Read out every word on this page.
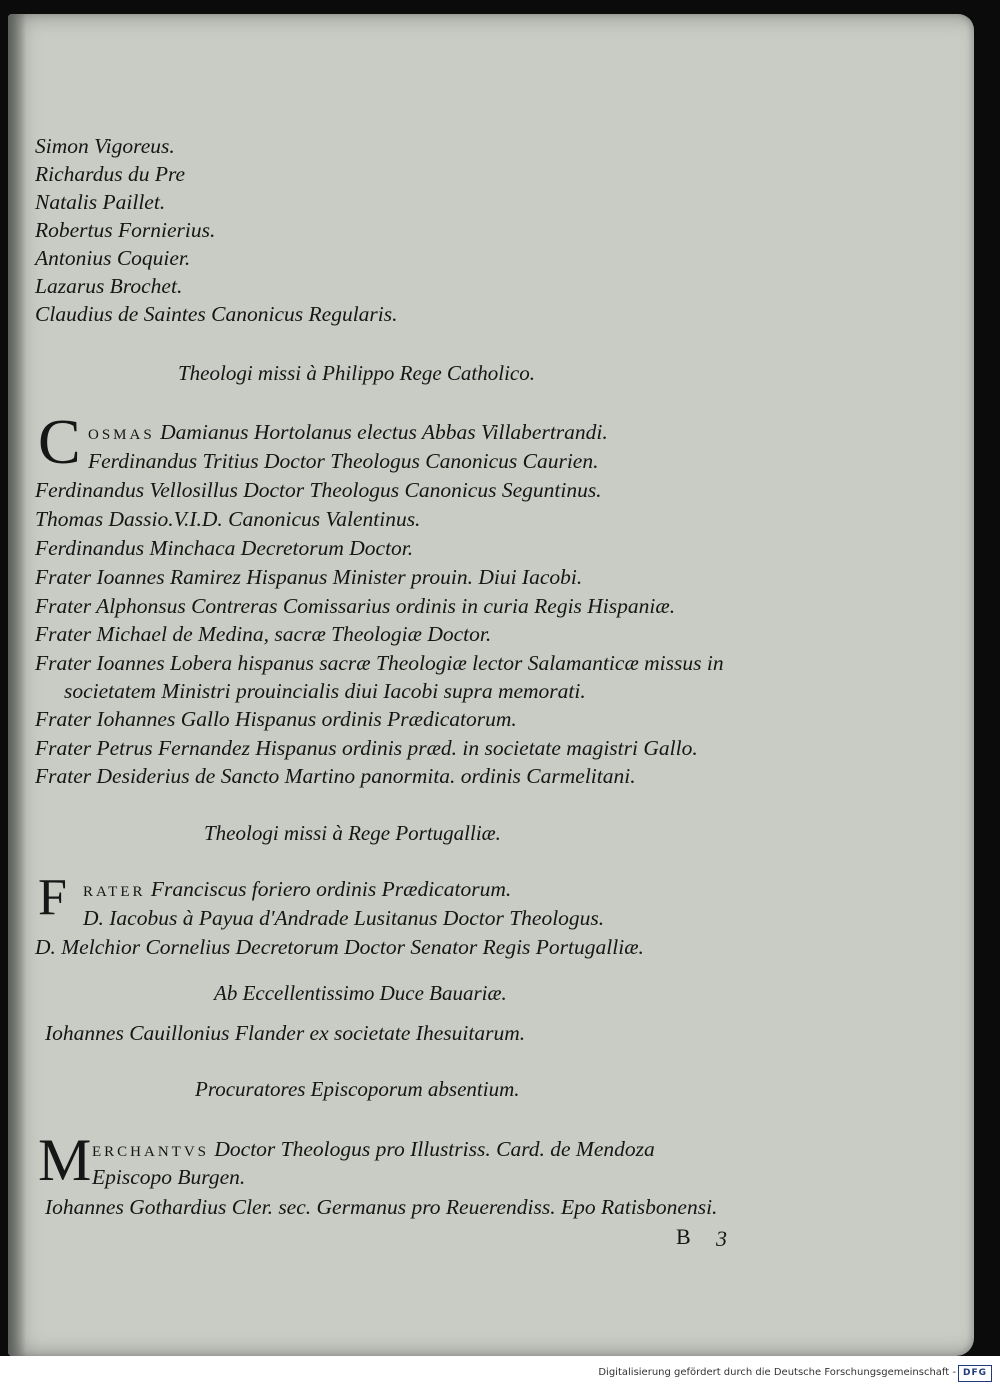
Simon Vigoreus.
Richardus du Pre
Natalis Paillet.
Robertus Fornierius.
Antonius Coquier.
Lazarus Brochet.
Claudius de Saintes Canonicus Regularis.
Theologi missi à Philippo Rege Catholico.
C OSMAS Damianus Hortolanus electus Abbas Villabertrandi.
Ferdinandus Tritius Doctor Theologus Canonicus Caurien.
Ferdinandus Vellosillus Doctor Theologus Canonicus Seguntinus.
Thomas Dassio.V.I.D. Canonicus Valentinus.
Ferdinandus Minchaca Decretorum Doctor.
Frater Ioannes Ramirez Hispanus Minister prouin. Diui Iacobi.
Frater Alphonsus Contreras Comissarius ordinis in curia Regis Hispaniæ.
Frater Michael de Medina, sacræ Theologiæ Doctor.
Frater Ioannes Lobera hispanus sacræ Theologiæ lector Salamanticæ missus in
societatem Ministri prouincialis diui Iacobi supra memorati.
Frater Iohannes Gallo Hispanus ordinis Prædicatorum.
Frater Petrus Fernandez Hispanus ordinis præd. in societate magistri Gallo.
Frater Desiderius de Sancto Martino panormita. ordinis Carmelitani.
Theologi missi à Rege Portugalliæ.
F RATER Franciscus foriero ordinis Prædicatorum.
D. Iacobus à Payua d'Andrade Lusitanus Doctor Theologus.
D. Melchior Cornelius Decretorum Doctor Senator Regis Portugalliæ.
Ab Eccellentissimo Duce Bauariæ.
Iohannes Cauillonius Flander ex societate Ihesuitarum.
Procuratores Episcoporum absentium.
M ERCHANTVS Doctor Theologus pro Illustriss. Card. de Mendoza
Episcopo Burgen.
Iohannes Gothardius Cler. sec. Germanus pro Reuerendiss. Epo Ratisbonensi.
B 3
Digitalisierung gefördert durch die Deutsche Forschungsgemeinschaft - DFG
